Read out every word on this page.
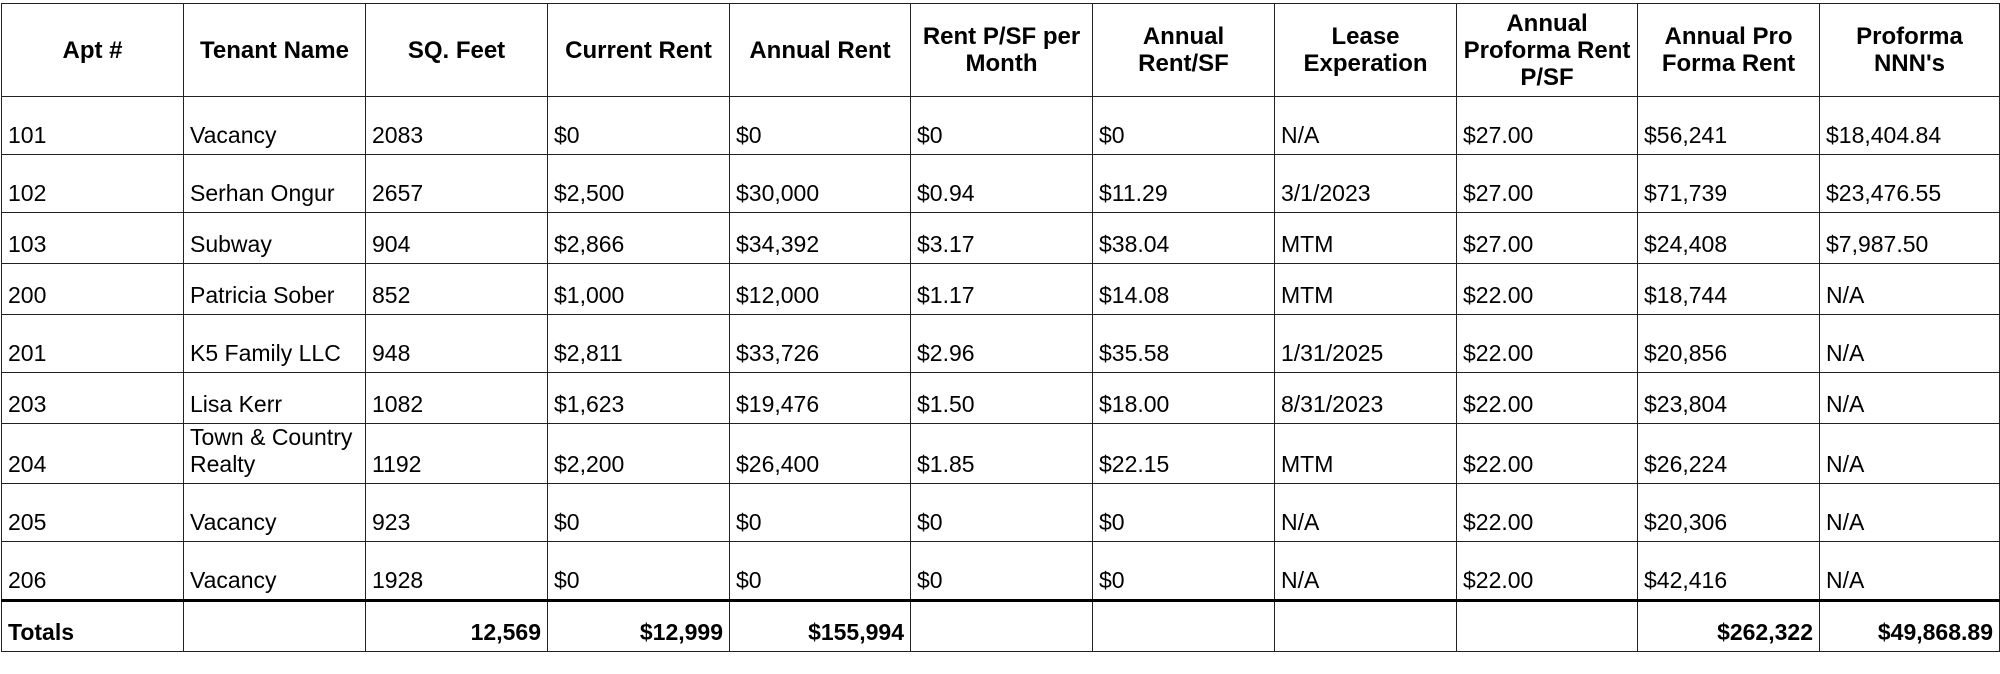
Apt #	Tenant Name	SQ. Feet	Current Rent	Annual Rent	Rent P/SF per Month	Annual Rent/SF	Lease Experation	Annual Proforma Rent P/SF	Annual Pro Forma Rent	Proforma NNN's
101	Vacancy	2083	$0	$0	$0	$0	N/A	$27.00	$56,241	$18,404.84
102	Serhan Ongur	2657	$2,500	$30,000	$0.94	$11.29	3/1/2023	$27.00	$71,739	$23,476.55
103	Subway	904	$2,866	$34,392	$3.17	$38.04	MTM	$27.00	$24,408	$7,987.50
200	Patricia Sober	852	$1,000	$12,000	$1.17	$14.08	MTM	$22.00	$18,744	N/A
201	K5 Family LLC	948	$2,811	$33,726	$2.96	$35.58	1/31/2025	$22.00	$20,856	N/A
203	Lisa Kerr	1082	$1,623	$19,476	$1.50	$18.00	8/31/2023	$22.00	$23,804	N/A
204	Town & Country Realty	1192	$2,200	$26,400	$1.85	$22.15	MTM	$22.00	$26,224	N/A
205	Vacancy	923	$0	$0	$0	$0	N/A	$22.00	$20,306	N/A
206	Vacancy	1928	$0	$0	$0	$0	N/A	$22.00	$42,416	N/A
Totals		12,569	$12,999	$155,994					$262,322	$49,868.89
